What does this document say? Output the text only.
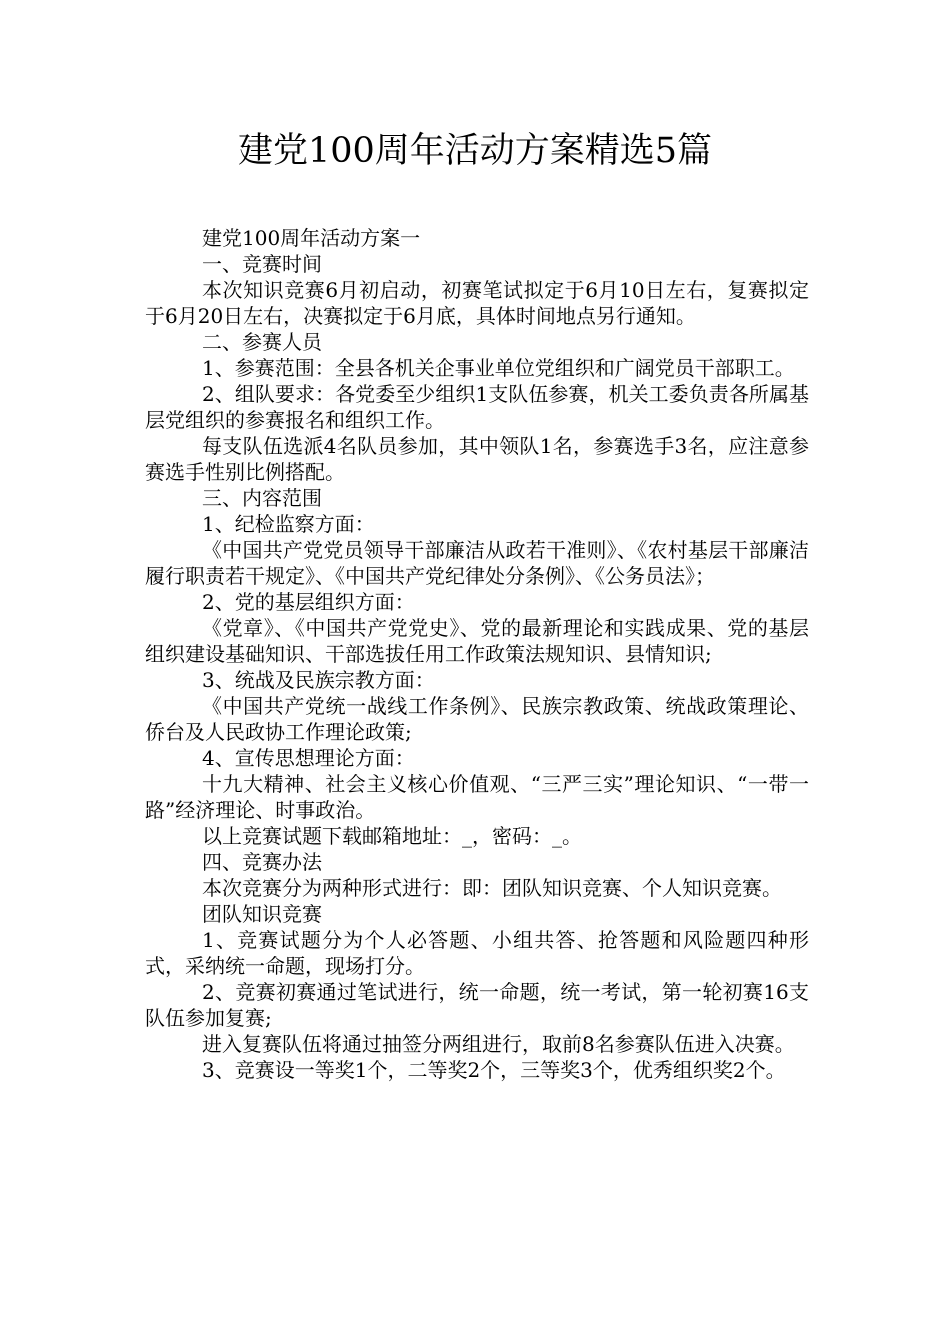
建党100周年活动方案精选5篇

建党100周年活动方案一

一、竞赛时间

本次知识竞赛6月初启动，初赛笔试拟定于6月10日左右，复赛拟定于6月20日左右，决赛拟定于6月底，具体时间地点另行通知。

二、参赛人员

1、参赛范围：全县各机关企事业单位党组织和广阔党员干部职工。

2、组队要求：各党委至少组织1支队伍参赛，机关工委负责各所属基层党组织的参赛报名和组织工作。

每支队伍选派4名队员参加，其中领队1名，参赛选手3名，应注意参赛选手性别比例搭配。

三、内容范围

1、纪检监察方面：

《中国共产党党员领导干部廉洁从政若干准则》、《农村基层干部廉洁履行职责若干规定》、《中国共产党纪律处分条例》、《公务员法》；

2、党的基层组织方面：

《党章》、《中国共产党党史》、党的最新理论和实践成果、党的基层组织建设基础知识、干部选拔任用工作政策法规知识、县情知识;

3、统战及民族宗教方面：

《中国共产党统一战线工作条例》、民族宗教政策、统战政策理论、侨台及人民政协工作理论政策;

4、宣传思想理论方面：

十九大精神、社会主义核心价值观、“三严三实”理论知识、“一带一路”经济理论、时事政治。

以上竞赛试题下载邮箱地址：_，密码：_。

四、竞赛办法

本次竞赛分为两种形式进行：即：团队知识竞赛、个人知识竞赛。

团队知识竞赛

1、竞赛试题分为个人必答题、小组共答、抢答题和风险题四种形式，采纳统一命题，现场打分。

2、竞赛初赛通过笔试进行，统一命题，统一考试，第一轮初赛16支队伍参加复赛;

进入复赛队伍将通过抽签分两组进行，取前8名参赛队伍进入决赛。

3、竞赛设一等奖1个，二等奖2个，三等奖3个，优秀组织奖2个。
